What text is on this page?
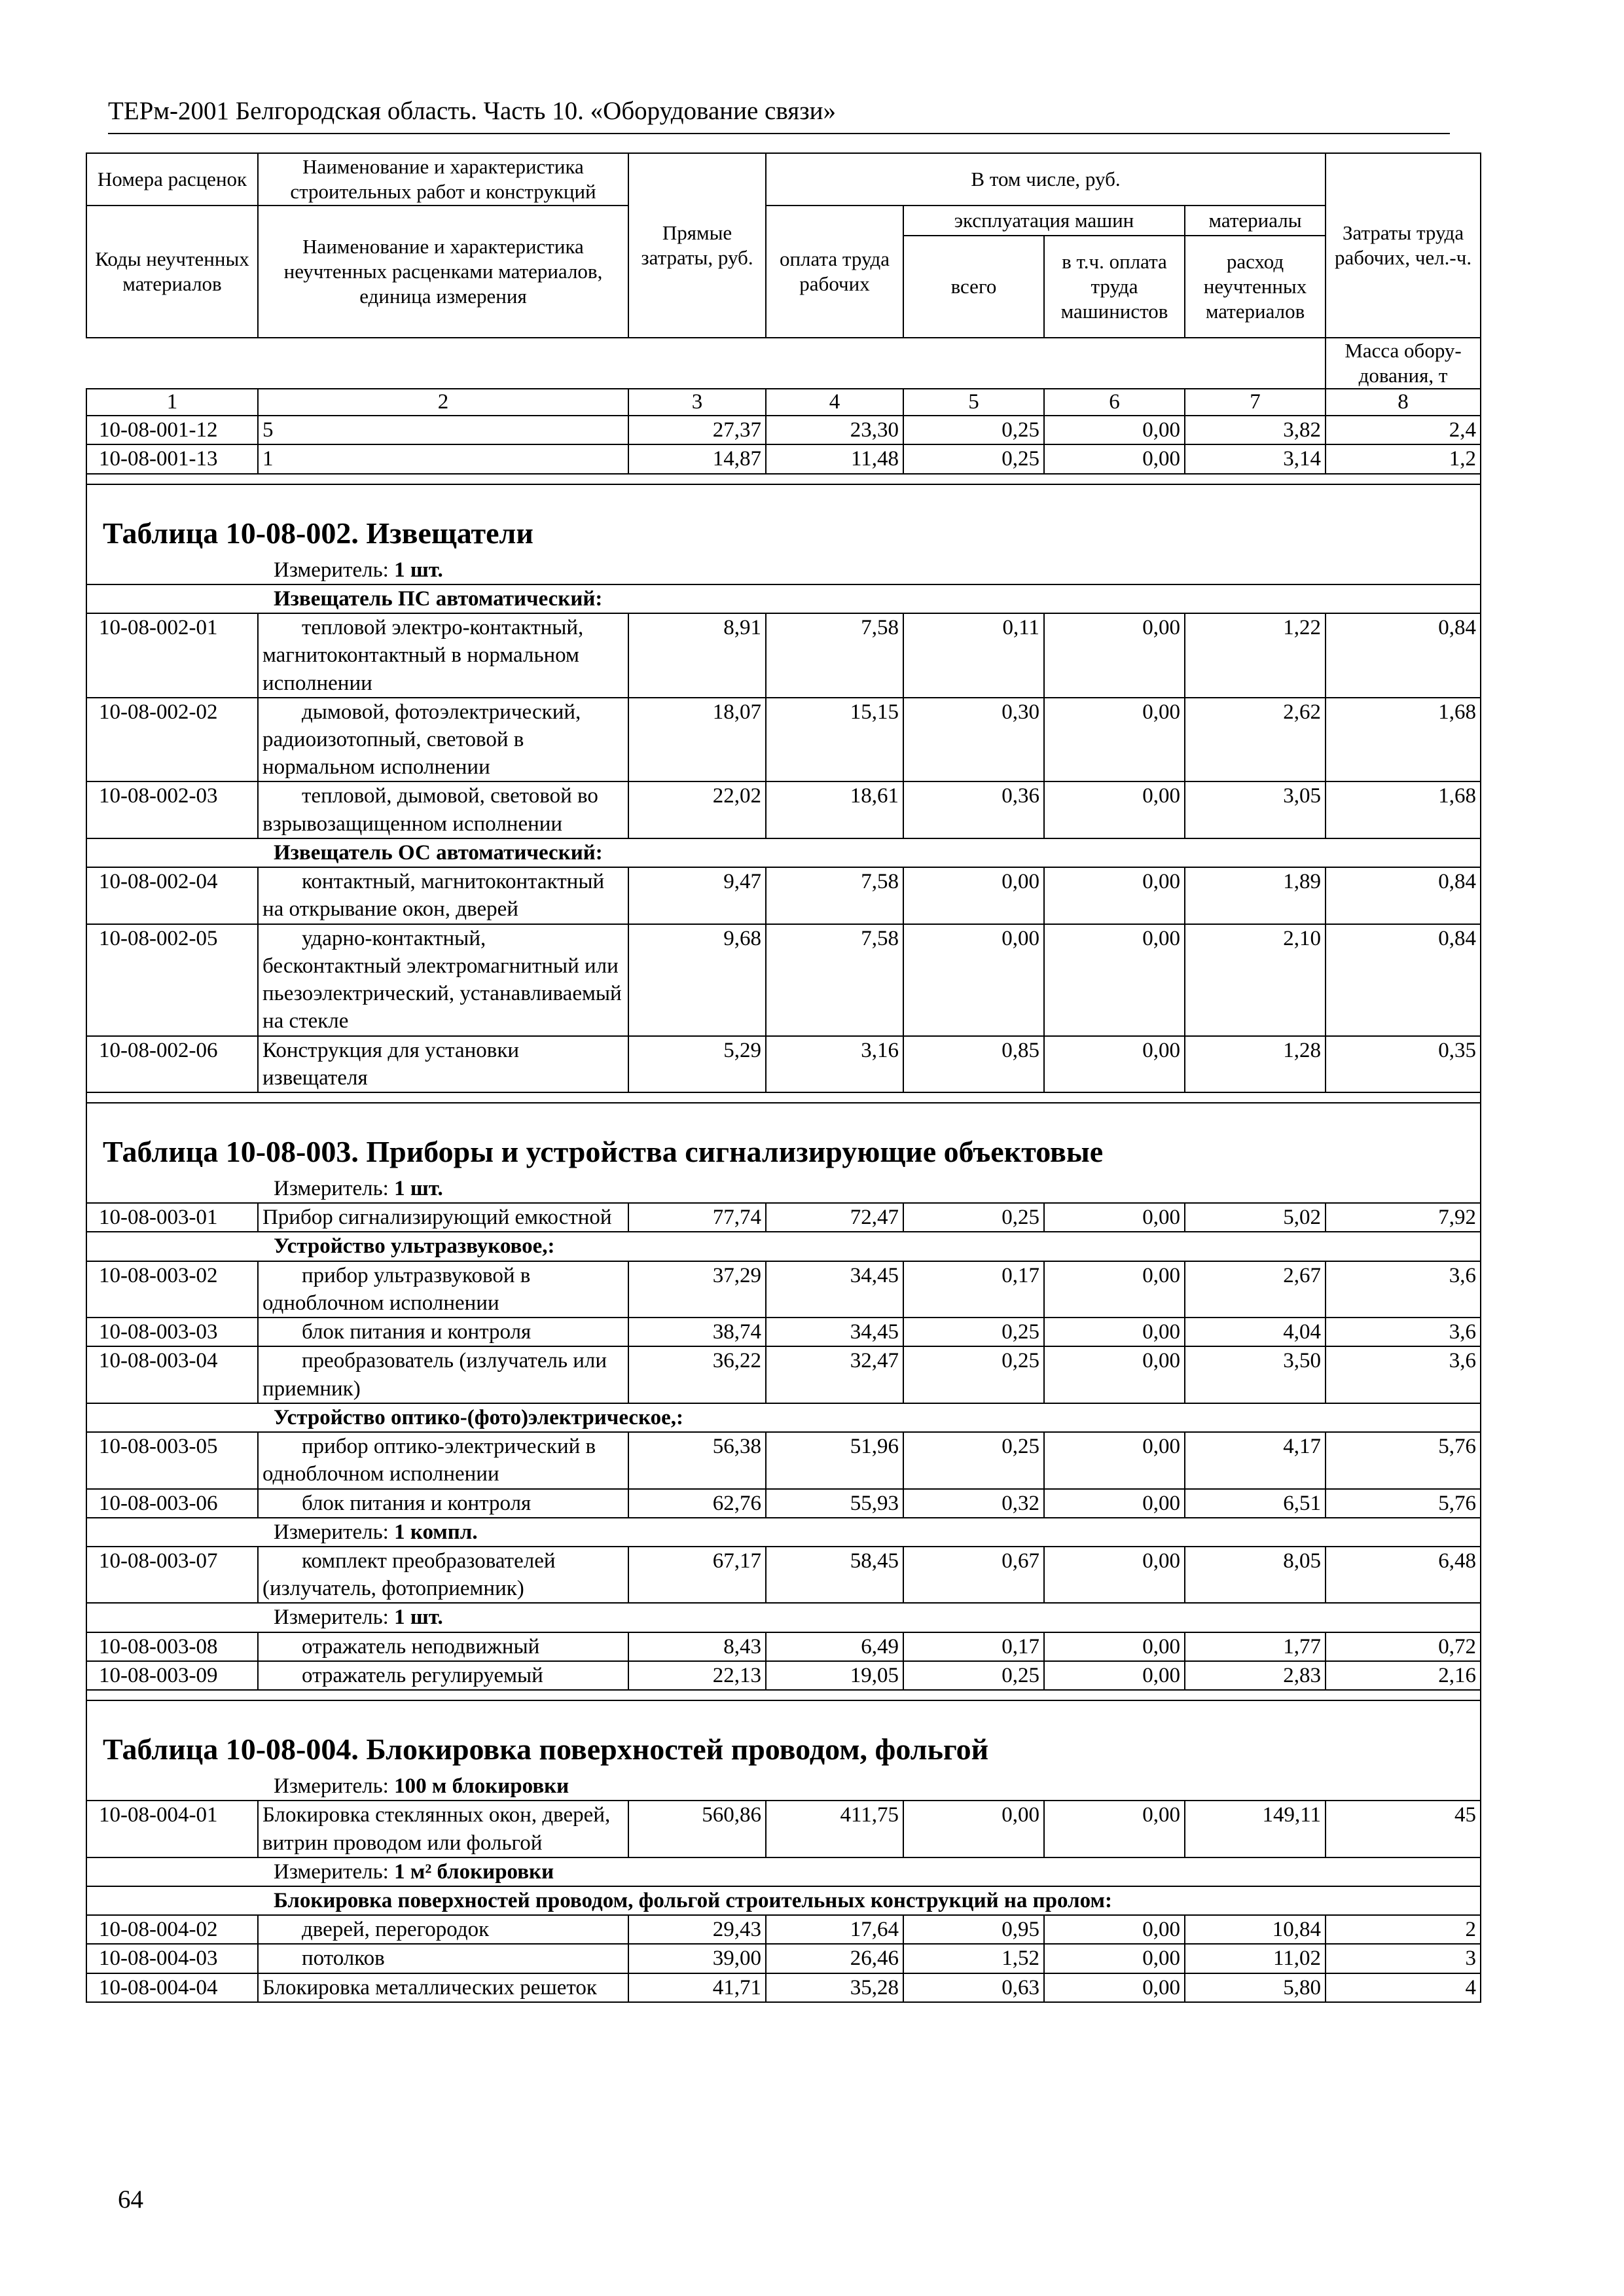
ТЕРм-2001 Белгородская область. Часть 10. «Оборудование связи»
Номера расценок	Наименование и характеристика строительных работ и конструкций	Прямые затраты, руб.	В том числе, руб.				Затраты труда рабочих, чел.-ч.
Коды неучтенных материалов	Наименование и характеристика неучтенных расценками материалов, единица измерения		оплата труда рабочих	эксплуатация машин		материалы	
				всего	в т.ч. оплата труда машинистов	расход неучтенных материалов	
							Масса обору-дования, т
1	2	3	4	5	6	7	8
10-08-001-12	5	27,37	23,30	0,25	0,00	3,82	2,4
10-08-001-13	1	14,87	11,48	0,25	0,00	3,14	1,2

Таблица 10-08-002. Извещатели							
Измеритель: 1 шт.							
Извещатель ПС автоматический:							
10-08-002-01	тепловой электро-контактный, магнитоконтактный в нормальном исполнении	8,91	7,58	0,11	0,00	1,22	0,84
10-08-002-02	дымовой, фотоэлектрический, радиоизотопный, световой в нормальном исполнении	18,07	15,15	0,30	0,00	2,62	1,68
10-08-002-03	тепловой, дымовой, световой во взрывозащищенном исполнении	22,02	18,61	0,36	0,00	3,05	1,68
Извещатель ОС автоматический:							
10-08-002-04	контактный, магнитоконтактный на открывание окон, дверей	9,47	7,58	0,00	0,00	1,89	0,84
10-08-002-05	ударно-контактный, бесконтактный электромагнитный или пьезоэлектрический, устанавливаемый на стекле	9,68	7,58	0,00	0,00	2,10	0,84
10-08-002-06	Конструкция для установки извещателя	5,29	3,16	0,85	0,00	1,28	0,35

Таблица 10-08-003. Приборы и устройства сигнализирующие объектовые							
Измеритель: 1 шт.							
10-08-003-01	Прибор сигнализирующий емкостной	77,74	72,47	0,25	0,00	5,02	7,92
Устройство ультразвуковое,:							
10-08-003-02	прибор ультразвуковой в одноблочном исполнении	37,29	34,45	0,17	0,00	2,67	3,6
10-08-003-03	блок питания и контроля	38,74	34,45	0,25	0,00	4,04	3,6
10-08-003-04	преобразователь (излучатель или приемник)	36,22	32,47	0,25	0,00	3,50	3,6
Устройство оптико-(фото)электрическое,:							
10-08-003-05	прибор оптико-электрический в одноблочном исполнении	56,38	51,96	0,25	0,00	4,17	5,76
10-08-003-06	блок питания и контроля	62,76	55,93	0,32	0,00	6,51	5,76
Измеритель: 1 компл.							
10-08-003-07	комплект преобразователей (излучатель, фотоприемник)	67,17	58,45	0,67	0,00	8,05	6,48
Измеритель: 1 шт.							
10-08-003-08	отражатель неподвижный	8,43	6,49	0,17	0,00	1,77	0,72
10-08-003-09	отражатель регулируемый	22,13	19,05	0,25	0,00	2,83	2,16

Таблица 10-08-004. Блокировка поверхностей проводом, фольгой							
Измеритель: 100 м блокировки							
10-08-004-01	Блокировка стеклянных окон, дверей, витрин проводом или фольгой	560,86	411,75	0,00	0,00	149,11	45
Измеритель: 1 м² блокировки							
Блокировка поверхностей проводом, фольгой строительных конструкций на пролом:							
10-08-004-02	дверей, перегородок	29,43	17,64	0,95	0,00	10,84	2
10-08-004-03	потолков	39,00	26,46	1,52	0,00	11,02	3
10-08-004-04	Блокировка металлических решеток	41,71	35,28	0,63	0,00	5,80	4
64
